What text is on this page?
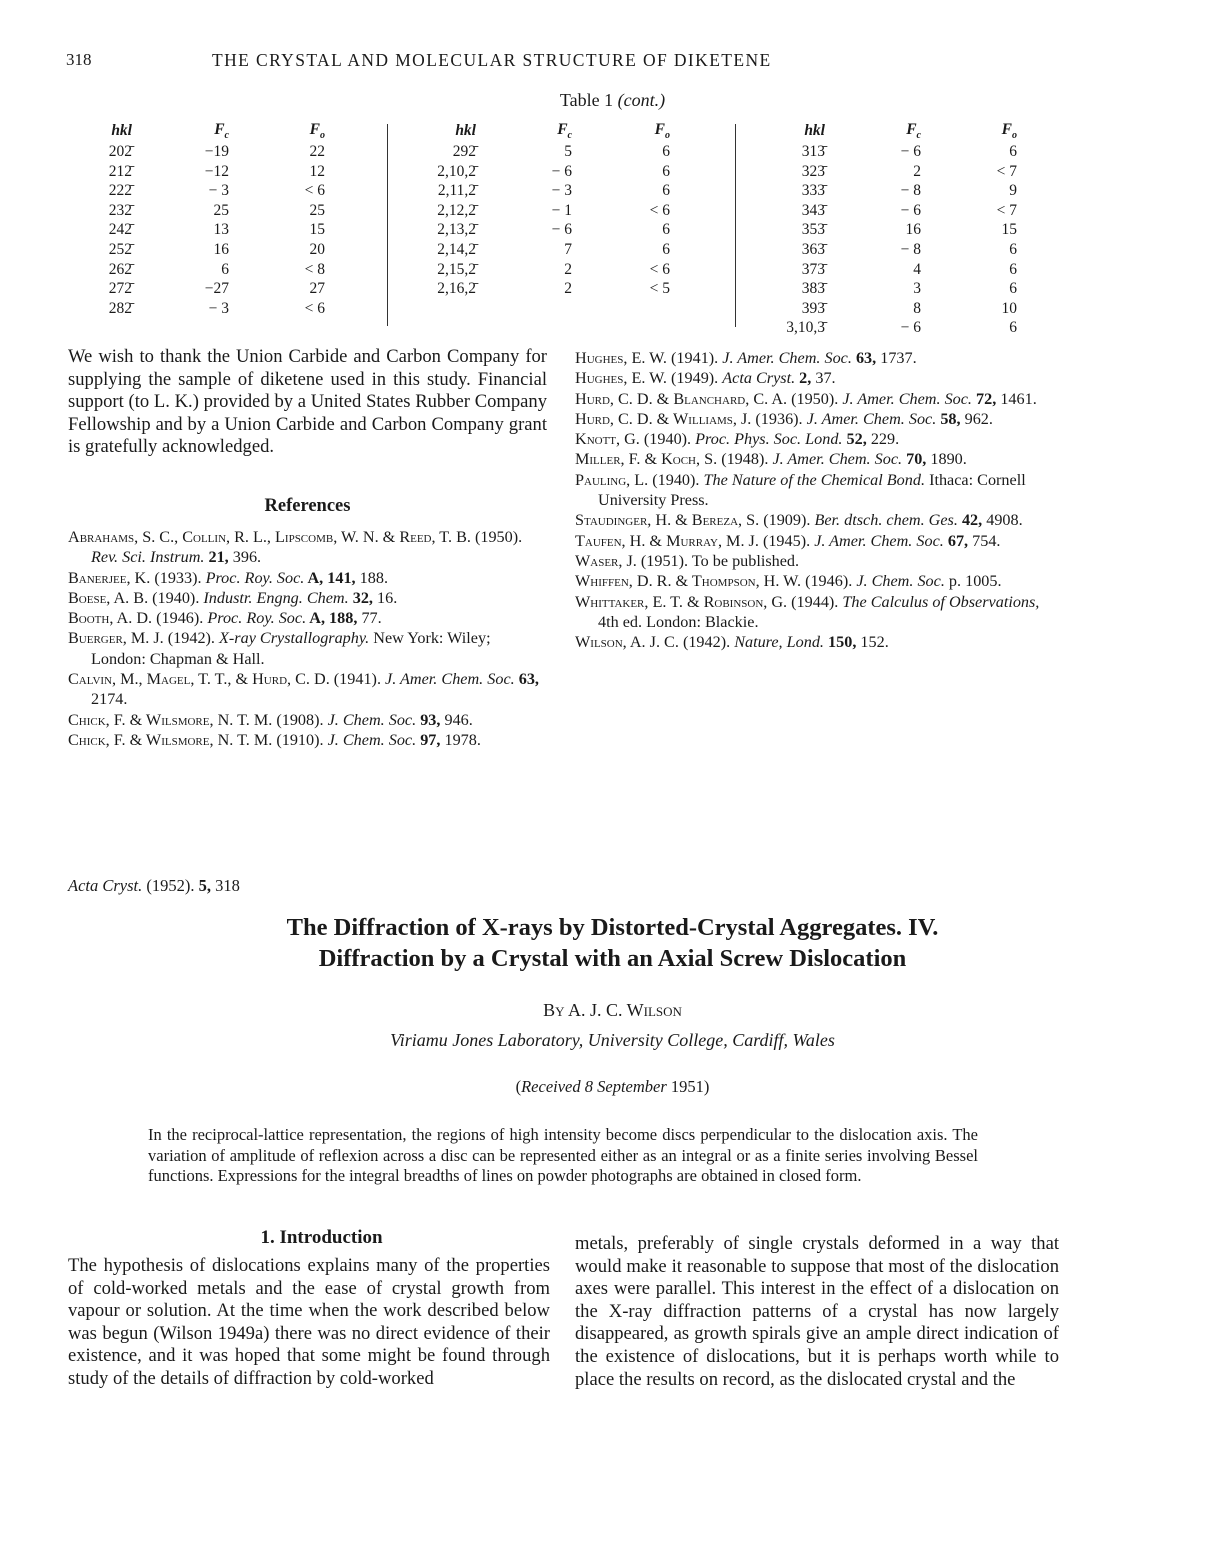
318	THE CRYSTAL AND MOLECULAR STRUCTURE OF DIKETENE
Table 1 (cont.)
hkl	$F_c$	$F_o$
202̄	−19	22
212̄	−12	12
222̄	− 3	< 6
232̄	25	25
242̄	13	15
252̄	16	20
262̄	6	< 8
272̄	−27	27
282̄	− 3	< 6
hkl	$F_c$	$F_o$
292̄	5	6
2,10,2̄	− 6	6
2,11,2̄	− 3	6
2,12,2̄	− 1	< 6
2,13,2̄	− 6	6
2,14,2̄	7	6
2,15,2̄	2	< 6
2,16,2̄	2	< 5
hkl	$F_c$	$F_o$
313̄	− 6	6
323̄	2	< 7
333̄	− 8	9
343̄	− 6	< 7
353̄	16	15
363̄	− 8	6
373̄	4	6
383̄	3	6
393̄	8	10
3,10,3̄	− 6	6
We wish to thank the Union Carbide and Carbon Company for supplying the sample of diketene used in this study. Financial support (to L. K.) provided by a United States Rubber Company Fellowship and by a Union Carbide and Carbon Company grant is gratefully acknowledged.
References

Abrahams, S. C., Collin, R. L., Lipscomb, W. N. & Reed, T. B. (1950). Rev. Sci. Instrum. 21, 396.

Banerjee, K. (1933). Proc. Roy. Soc. A, 141, 188.

Boese, A. B. (1940). Industr. Engng. Chem. 32, 16.

Booth, A. D. (1946). Proc. Roy. Soc. A, 188, 77.

Buerger, M. J. (1942). X-ray Crystallography. New York: Wiley; London: Chapman & Hall.

Calvin, M., Magel, T. T., & Hurd, C. D. (1941). J. Amer. Chem. Soc. 63, 2174.

Chick, F. & Wilsmore, N. T. M. (1908). J. Chem. Soc. 93, 946.

Chick, F. & Wilsmore, N. T. M. (1910). J. Chem. Soc. 97, 1978.

Hughes, E. W. (1941). J. Amer. Chem. Soc. 63, 1737.

Hughes, E. W. (1949). Acta Cryst. 2, 37.

Hurd, C. D. & Blanchard, C. A. (1950). J. Amer. Chem. Soc. 72, 1461.

Hurd, C. D. & Williams, J. (1936). J. Amer. Chem. Soc. 58, 962.

Knott, G. (1940). Proc. Phys. Soc. Lond. 52, 229.

Miller, F. & Koch, S. (1948). J. Amer. Chem. Soc. 70, 1890.

Pauling, L. (1940). The Nature of the Chemical Bond. Ithaca: Cornell University Press.

Staudinger, H. & Bereza, S. (1909). Ber. dtsch. chem. Ges. 42, 4908.

Taufen, H. & Murray, M. J. (1945). J. Amer. Chem. Soc. 67, 754.

Waser, J. (1951). To be published.

Whiffen, D. R. & Thompson, H. W. (1946). J. Chem. Soc. p. 1005.

Whittaker, E. T. & Robinson, G. (1944). The Calculus of Observations, 4th ed. London: Blackie.

Wilson, A. J. C. (1942). Nature, Lond. 150, 152.

Acta Cryst. (1952). 5, 318
The Diffraction of X-rays by Distorted-Crystal Aggregates. IV.
Diffraction by a Crystal with an Axial Screw Dislocation
By A. J. C. Wilson
Viriamu Jones Laboratory, University College, Cardiff, Wales
(Received 8 September 1951)
In the reciprocal-lattice representation, the regions of high intensity become discs perpendicular to the dislocation axis. The variation of amplitude of reflexion across a disc can be represented either as an integral or as a finite series involving Bessel functions. Expressions for the integral breadths of lines on powder photographs are obtained in closed form.
1. Introduction
The hypothesis of dislocations explains many of the properties of cold-worked metals and the ease of crystal growth from vapour or solution. At the time when the work described below was begun (Wilson 1949a) there was no direct evidence of their existence, and it was hoped that some might be found through study of the details of diffraction by cold-worked
metals, preferably of single crystals deformed in a way that would make it reasonable to suppose that most of the dislocation axes were parallel. This interest in the effect of a dislocation on the X-ray diffraction patterns of a crystal has now largely disappeared, as growth spirals give an ample direct indication of the existence of dislocations, but it is perhaps worth while to place the results on record, as the dislocated crystal and the
